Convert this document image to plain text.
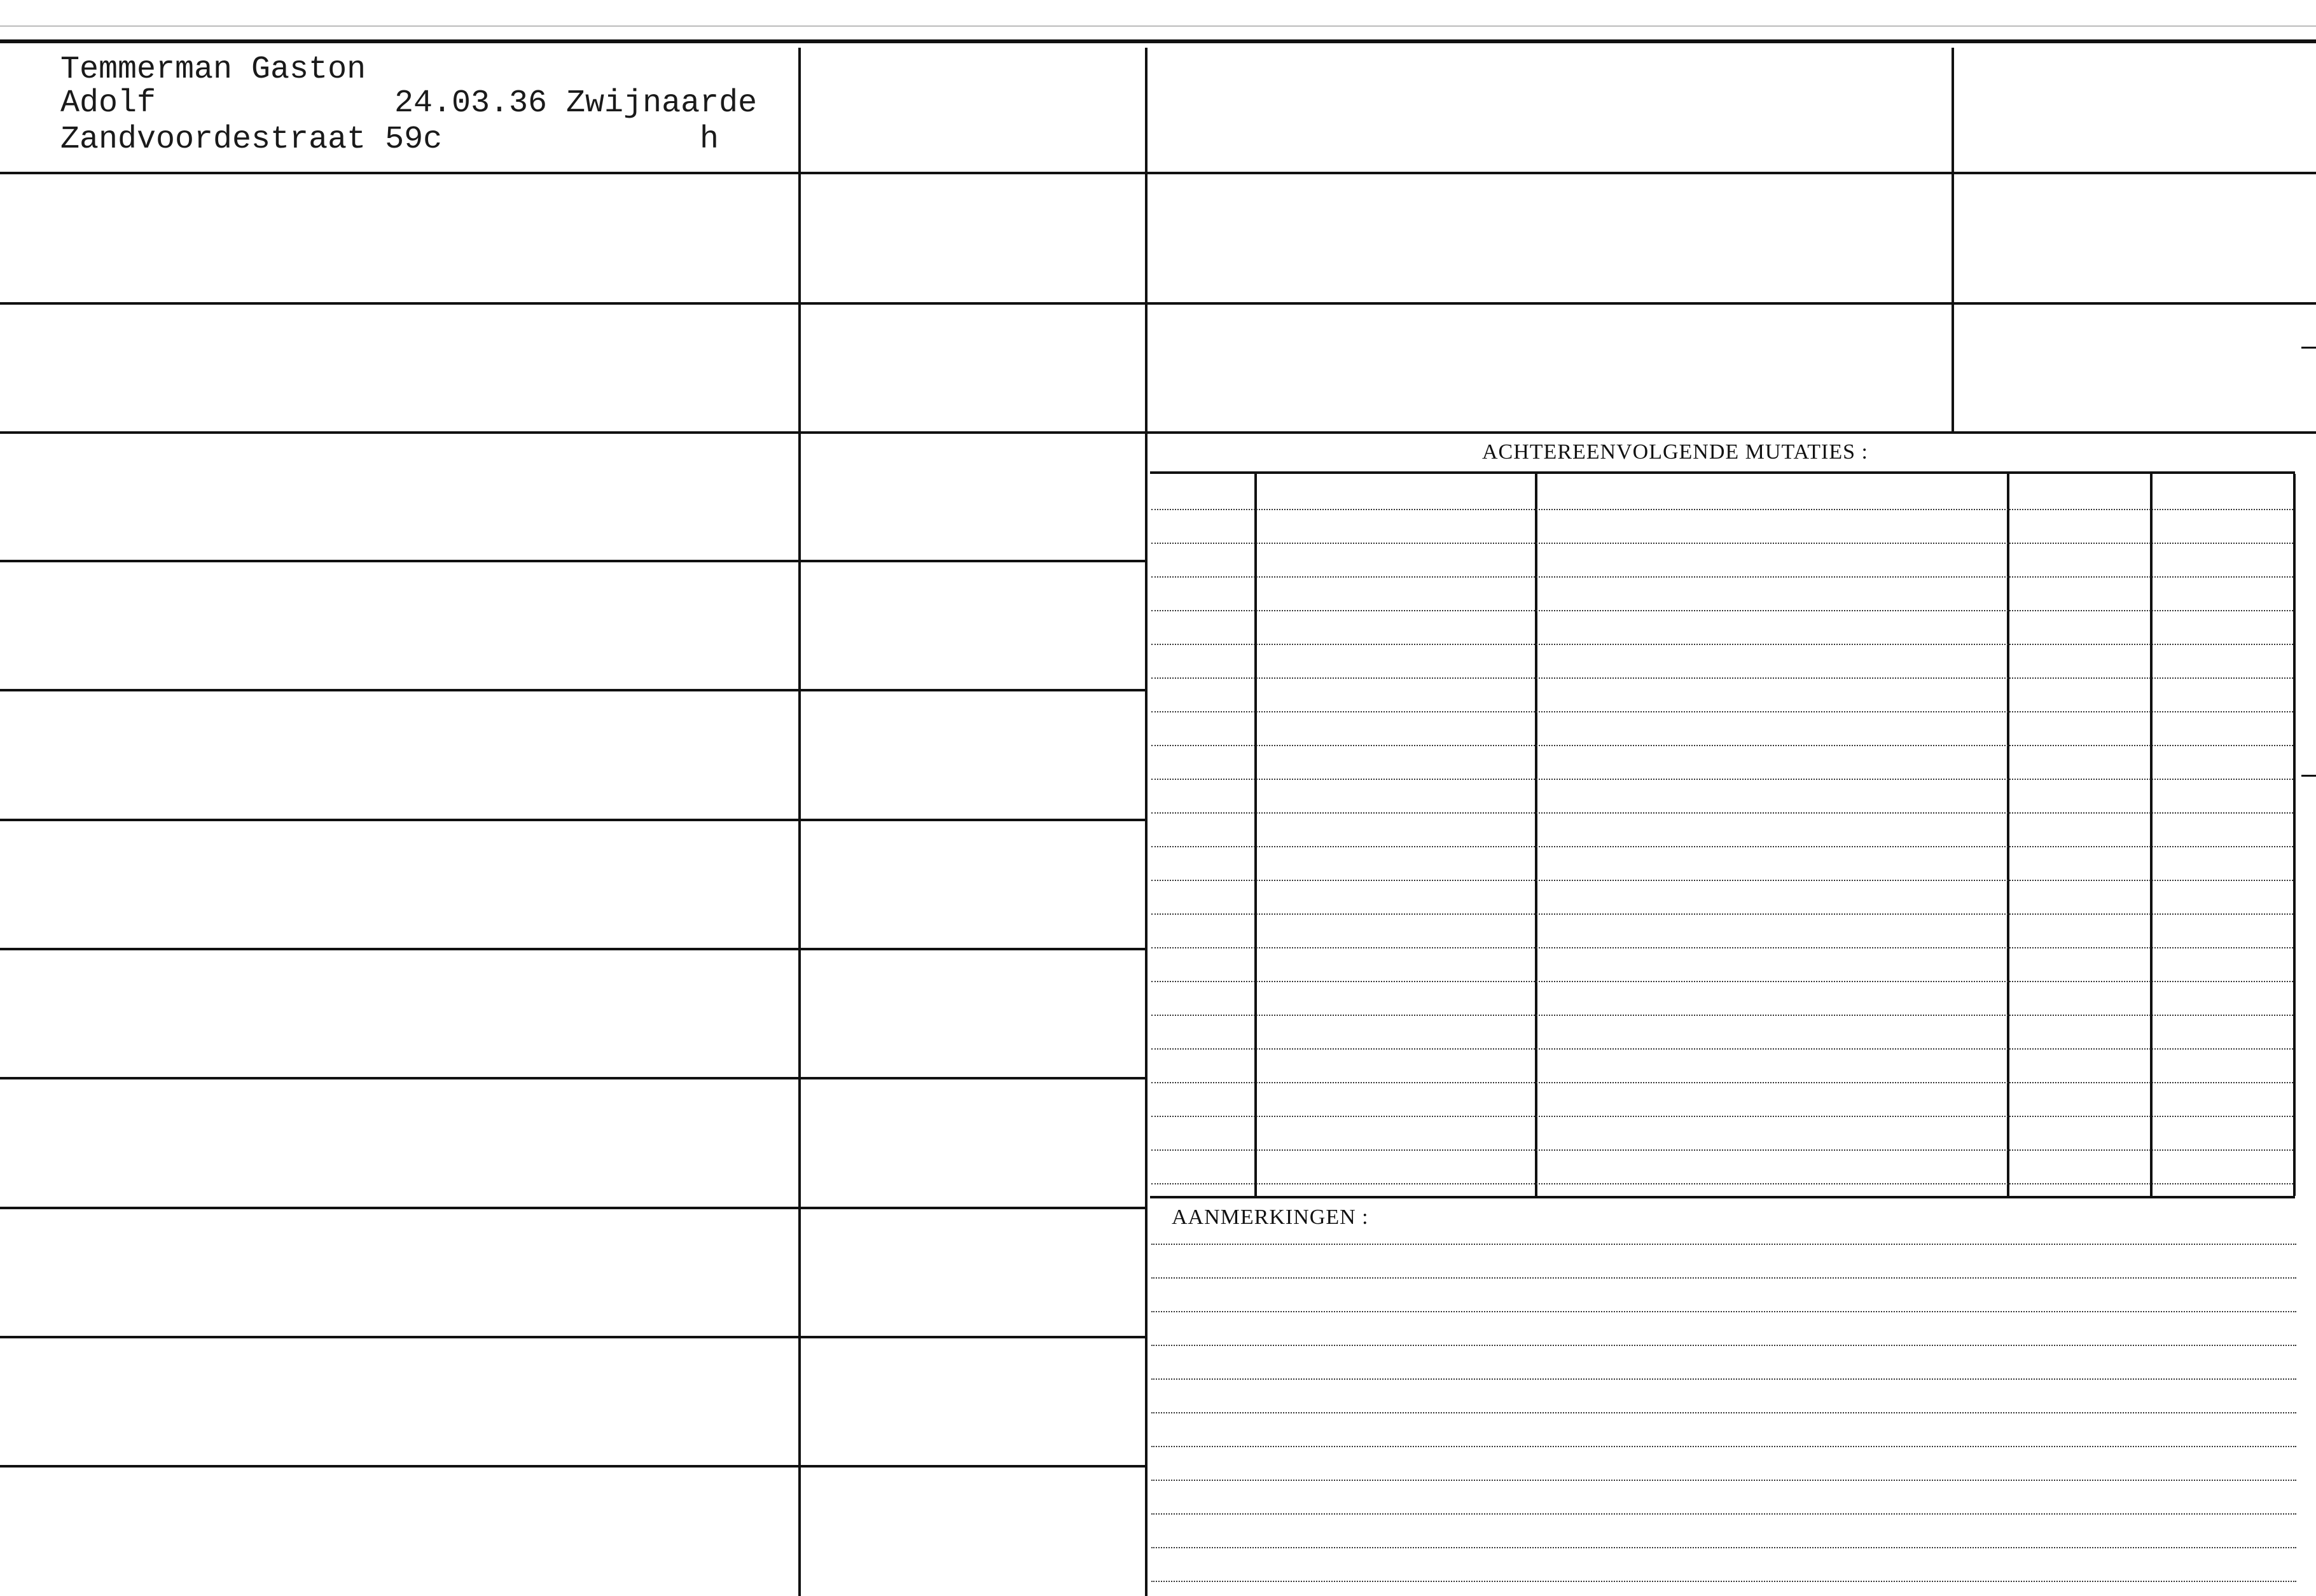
Temmerman Gaston
Adolf	24.03.36 Zwijnaarde
Zandvoordestraat 59c	h
ACHTEREENVOLGENDE MUTATIES :
AANMERKINGEN :
